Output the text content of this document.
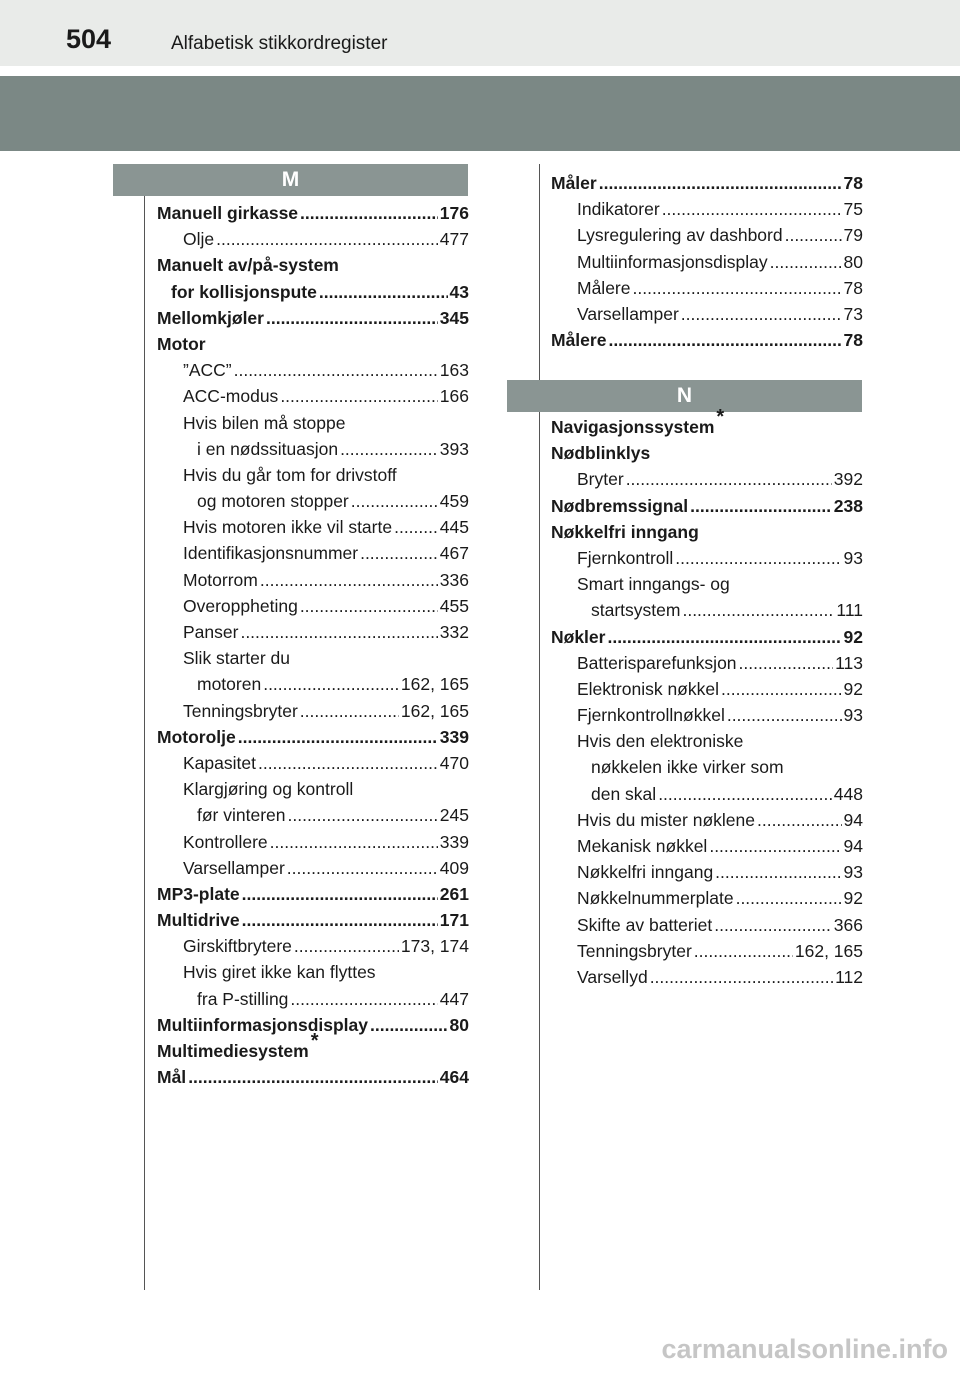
504	Alfabetisk stikkordregister
M
N
Manuell girkasse .....	176
Olje .....	477
Manuelt av/på-system
for kollisjonspute .....	43
Mellomkjøler .....	345
Motor
”ACC” .....	163
ACC-modus .....	166
Hvis bilen må stoppe
i en nødssituasjon .....	393
Hvis du går tom for drivstoff
og motoren stopper .....	459
Hvis motoren ikke vil starte .....	445
Identifikasjonsnummer .....	467
Motorrom .....	336
Overoppheting .....	455
Panser .....	332
Slik starter du
motoren .....	162, 165
Tenningsbryter .....	162, 165
Motorolje .....	339
Kapasitet .....	470
Klargjøring og kontroll
før vinteren .....	245
Kontrollere .....	339
Varsellamper .....	409
MP3-plate .....	261
Multidrive .....	171
Girskiftbrytere .....	173, 174
Hvis giret ikke kan flyttes
fra P-stilling .....	447
Multiinformasjonsdisplay .....	80
Multimediesystem *
Mål .....	464
Måler .....	78
Indikatorer .....	75
Lysregulering av dashbord .....	79
Multiinformasjonsdisplay .....	80
Målere .....	78
Varsellamper .....	73
Målere .....	78
Navigasjonssystem *
Nødblinklys
Bryter .....	392
Nødbremssignal .....	238
Nøkkelfri inngang
Fjernkontroll .....	93
Smart inngangs- og
startsystem .....	111
Nøkler .....	92
Batterisparefunksjon .....	113
Elektronisk nøkkel .....	92
Fjernkontrollnøkkel .....	93
Hvis den elektroniske
nøkkelen ikke virker som
den skal .....	448
Hvis du mister nøklene .....	94
Mekanisk nøkkel .....	94
Nøkkelfri inngang .....	93
Nøkkelnummerplate .....	92
Skifte av batteriet .....	366
Tenningsbryter .....	162, 165
Varsellyd .....	112
carmanualsonline.info
